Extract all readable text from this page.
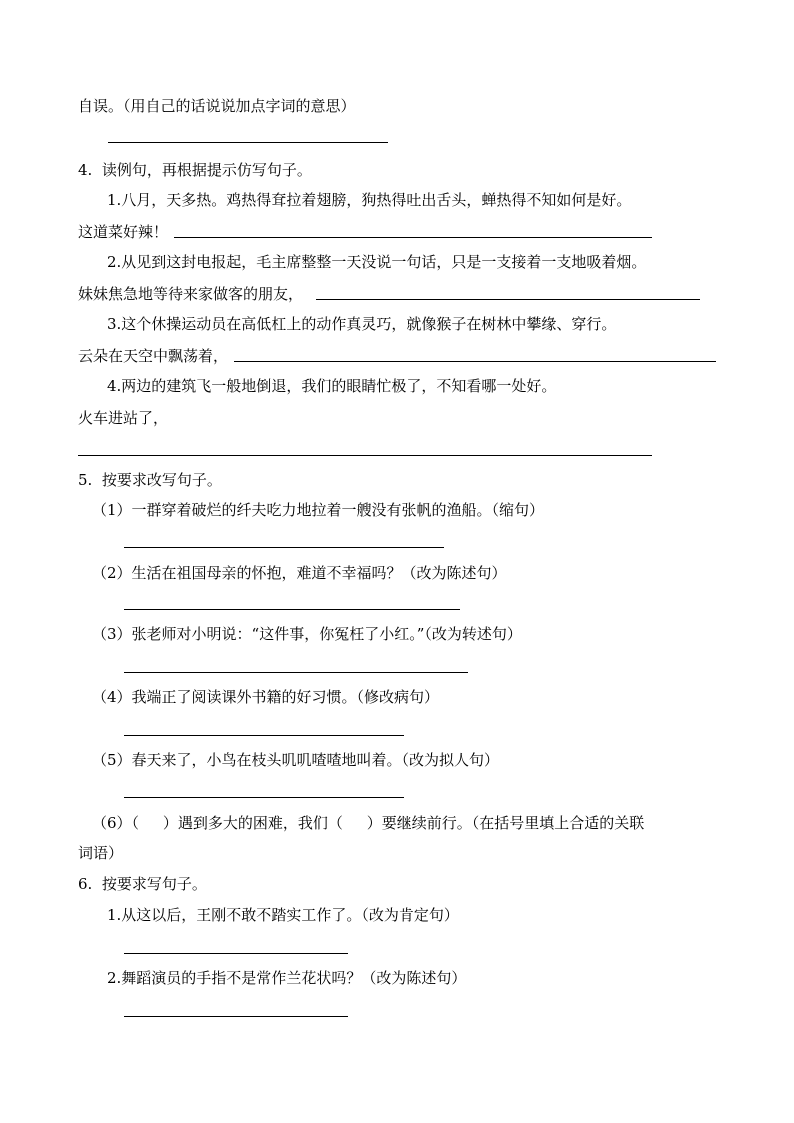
自误。（用自己的话说说加点字词的意思）
4.  读例句，再根据提示仿写句子。
1.八月，天多热。鸡热得耷拉着翅膀，狗热得吐出舌头，蝉热得不知如何是好。
这道菜好辣！
2.从见到这封电报起，毛主席整整一天没说一句话，只是一支接着一支地吸着烟。
妹妹焦急地等待来家做客的朋友，
3.这个休操运动员在高低杠上的动作真灵巧，就像猴子在树林中攀缘、穿行。
云朵在天空中飘荡着，
4.两边的建筑飞一般地倒退，我们的眼睛忙极了，不知看哪一处好。
火车进站了，
5.  按要求改写句子。
（1）一群穿着破烂的纤夫吃力地拉着一艘没有张帆的渔船。（缩句）
（2）生活在祖国母亲的怀抱，难道不幸福吗？（改为陈述句）
（3）张老师对小明说：“这件事，你冤枉了小红。”（改为转述句）
（4）我端正了阅读课外书籍的好习惯。（修改病句）
（5）春天来了，小鸟在枝头叽叽喳喳地叫着。（改为拟人句）
（6）（     ）遇到多大的困难，我们（     ）要继续前行。（在括号里填上合适的关联
词语）
6.  按要求写句子。
1.从这以后，王刚不敢不踏实工作了。（改为肯定句）
2.舞蹈演员的手指不是常作兰花状吗？（改为陈述句）
